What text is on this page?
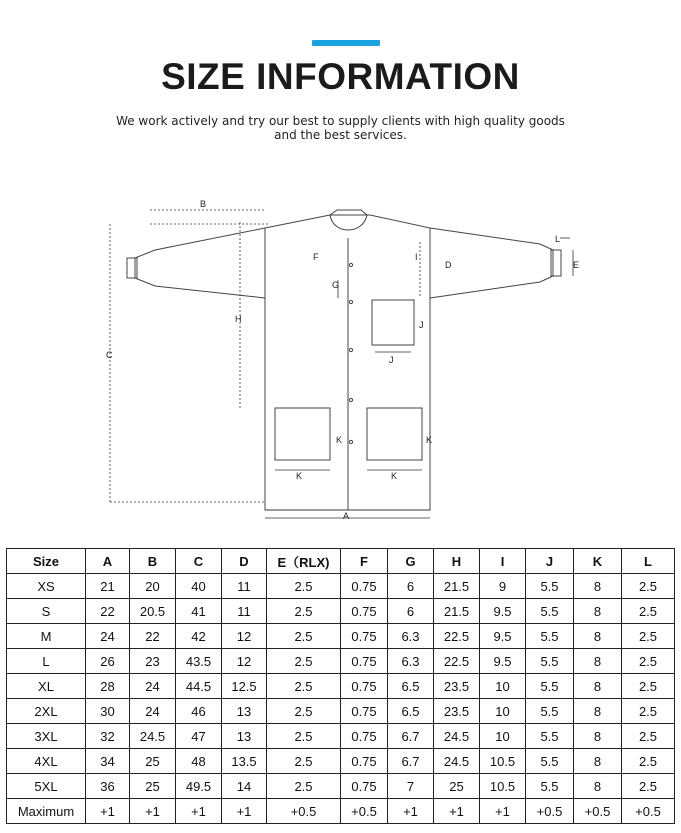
SIZE INFORMATION
We work actively and try our best to supply clients with high quality goods
and the best services.
A
B
C
D	E
F
G
H
I
J
J
K	K
K	K
L
Size	A	B	C	D	E（RLX)	F	G	H	I	J	K	L
XS	21	20	40	11	2.5	0.75	6	21.5	9	5.5	8	2.5
S	22	20.5	41	11	2.5	0.75	6	21.5	9.5	5.5	8	2.5
M	24	22	42	12	2.5	0.75	6.3	22.5	9.5	5.5	8	2.5
L	26	23	43.5	12	2.5	0.75	6.3	22.5	9.5	5.5	8	2.5
XL	28	24	44.5	12.5	2.5	0.75	6.5	23.5	10	5.5	8	2.5
2XL	30	24	46	13	2.5	0.75	6.5	23.5	10	5.5	8	2.5
3XL	32	24.5	47	13	2.5	0.75	6.7	24.5	10	5.5	8	2.5
4XL	34	25	48	13.5	2.5	0.75	6.7	24.5	10.5	5.5	8	2.5
5XL	36	25	49.5	14	2.5	0.75	7	25	10.5	5.5	8	2.5
Maximum	+1	+1	+1	+1	+0.5	+0.5	+1	+1	+1	+0.5	+0.5	+0.5
